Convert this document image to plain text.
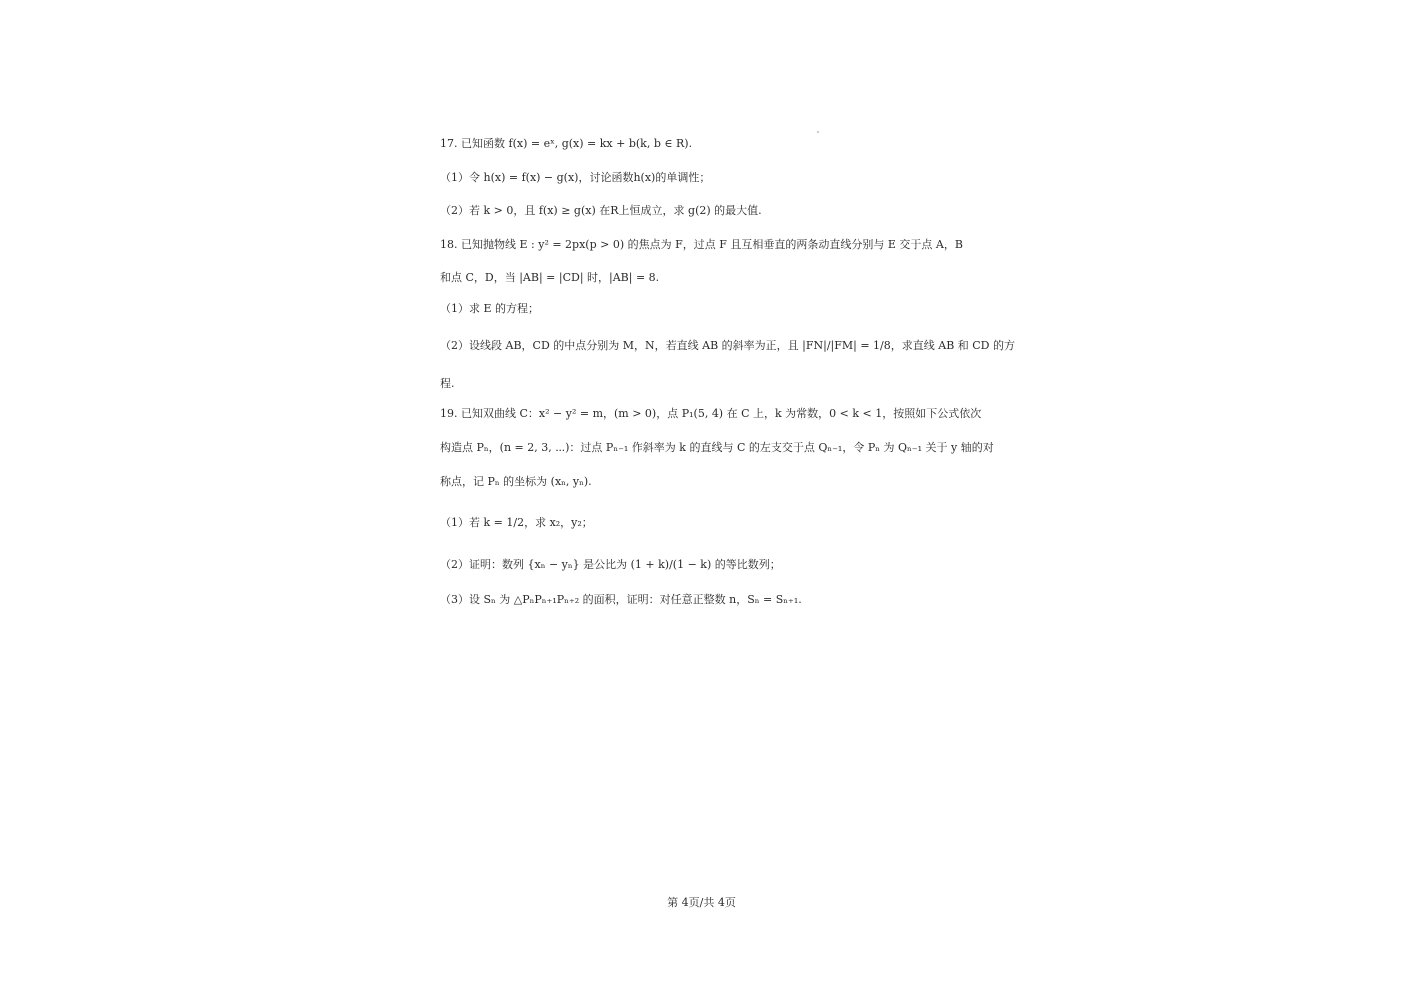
17. 已知函数 f(x) = eˣ, g(x) = kx + b(k, b ∈ R).
（1）令 h(x) = f(x) − g(x)，讨论函数h(x)的单调性；
（2）若 k > 0，且 f(x) ≥ g(x) 在R上恒成立，求 g(2) 的最大值.
18. 已知抛物线 E : y² = 2px(p > 0) 的焦点为 F，过点 F 且互相垂直的两条动直线分别与 E 交于点 A，B
和点 C，D，当 |AB| = |CD| 时，|AB| = 8.
（1）求 E 的方程；
（2）设线段 AB，CD 的中点分别为 M，N，若直线 AB 的斜率为正，且 |FN|/|FM| = 1/8，求直线 AB 和 CD 的方
程.
19. 已知双曲线 C：x² − y² = m，(m > 0)，点 P₁(5, 4) 在 C 上，k 为常数，0 < k < 1，按照如下公式依次
构造点 Pₙ，(n = 2, 3, ⋯)：过点 Pₙ₋₁ 作斜率为 k 的直线与 C 的左支交于点 Qₙ₋₁，令 Pₙ 为 Qₙ₋₁ 关于 y 轴的对
称点，记 Pₙ 的坐标为 (xₙ, yₙ).
（1）若 k = 1/2，求 x₂，y₂；
（2）证明：数列 {xₙ − yₙ} 是公比为 (1 + k)/(1 − k) 的等比数列；
（3）设 Sₙ 为 △PₙPₙ₊₁Pₙ₊₂ 的面积，证明：对任意正整数 n，Sₙ = Sₙ₊₁.
第 4页/共 4页
